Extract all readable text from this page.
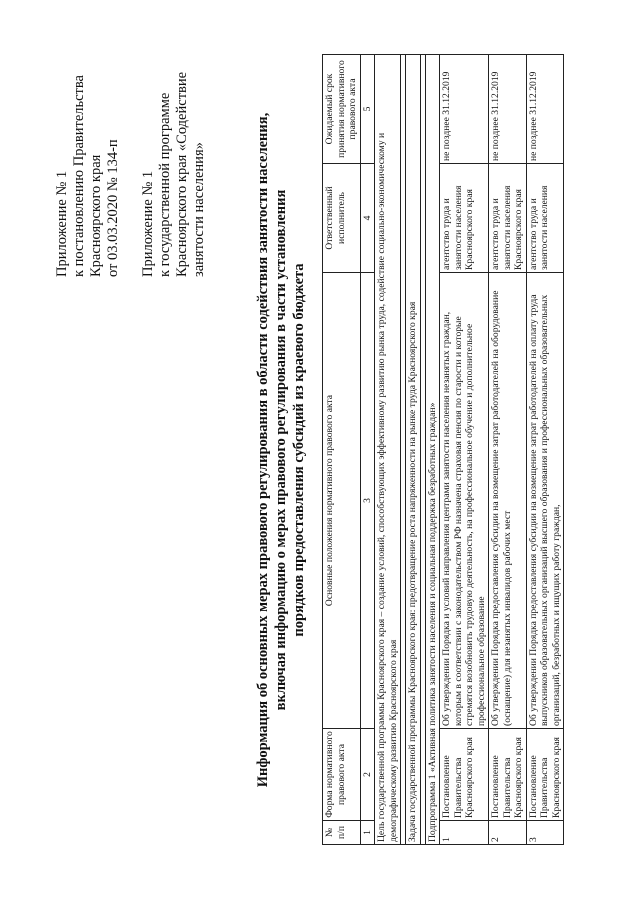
Приложение № 1 к постановлению Правительства Красноярского края от 03.03.2020 № 134-п Приложение № 1 к государственной программе Красноярского края «Содействие занятости населения»	Информация об основных мерах правового регулирования в области содействия занятости населения, включая информацию о мерах правового регулирования в части установления порядков предоставления субсидий из краевого бюджета
№ п/п	Форма нормативного правового акта	Основные положения нормативного правового акта	Ответственный исполнитель	Ожидаемый срок принятия нормативного правового акта
1	2	3	4	5
Цель государственной программы Красноярского края – создание условий, способствующих эффективному развитию рынка труда, содействие социально-экономическому и демографическому развитию Красноярского края				

Задача государственной программы Красноярского края: предотвращение роста напряженности на рынке труда Красноярского края				

Подпрограмма 1 «Активная политика занятости населения и социальная поддержка безработных граждан»				
1	Постановление Правительства Красноярского края	Об утверждении Порядка и условий направления центрами занятости населения незанятых граждан, которым в соответствии с законодательством РФ назначена страховая пенсия по старости и которые стремятся возобновить трудовую деятельность, на профессиональное обучение и дополнительное профессиональное образование	агентство труда и занятости населения Красноярского края	не позднее 31.12.2019
2	Постановление Правительства Красноярского края	Об утверждении Порядка предоставления субсидии на возмещение затрат работодателей на оборудование (оснащение) для незанятых инвалидов рабочих мест	агентство труда и занятости населения Красноярского края	не позднее 31.12.2019
3	Постановление Правительства Красноярского края	Об утверждении Порядка предоставления субсидии на возмещение затрат работодателей на оплату труда выпускников образовательных организаций высшего образования и профессиональных образовательных организаций, безработных и ищущих работу граждан,	агентство труда и занятости населения	не позднее 31.12.2019
